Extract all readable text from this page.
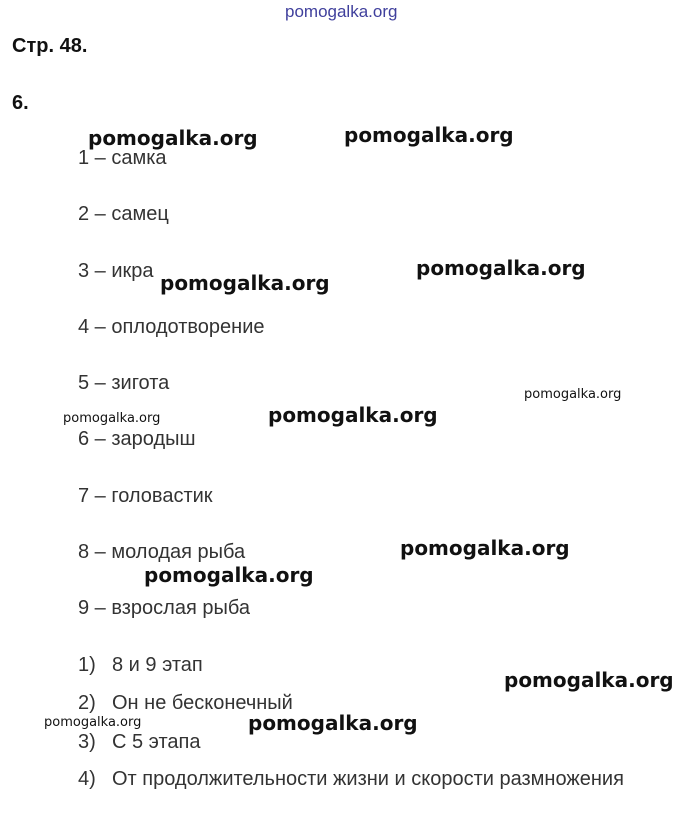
pomogalka.org
Стр. 48.
6.
1 – самка
2 – самец
3 – икра
4 – оплодотворение
5 – зигота
6 – зародыш
7 – головастик
8 – молодая рыба
9 – взрослая рыба
1) 8 и 9 этап
2) Он не бесконечный
3) С 5 этапа
4) От продолжительности жизни и скорости размножения
pomogalka.org	pomogalka.org
pomogalka.org
pomogalka.org
pomogalka.org
pomogalka.org	pomogalka.org
pomogalka.org
pomogalka.org
pomogalka.org
pomogalka.org	pomogalka.org
